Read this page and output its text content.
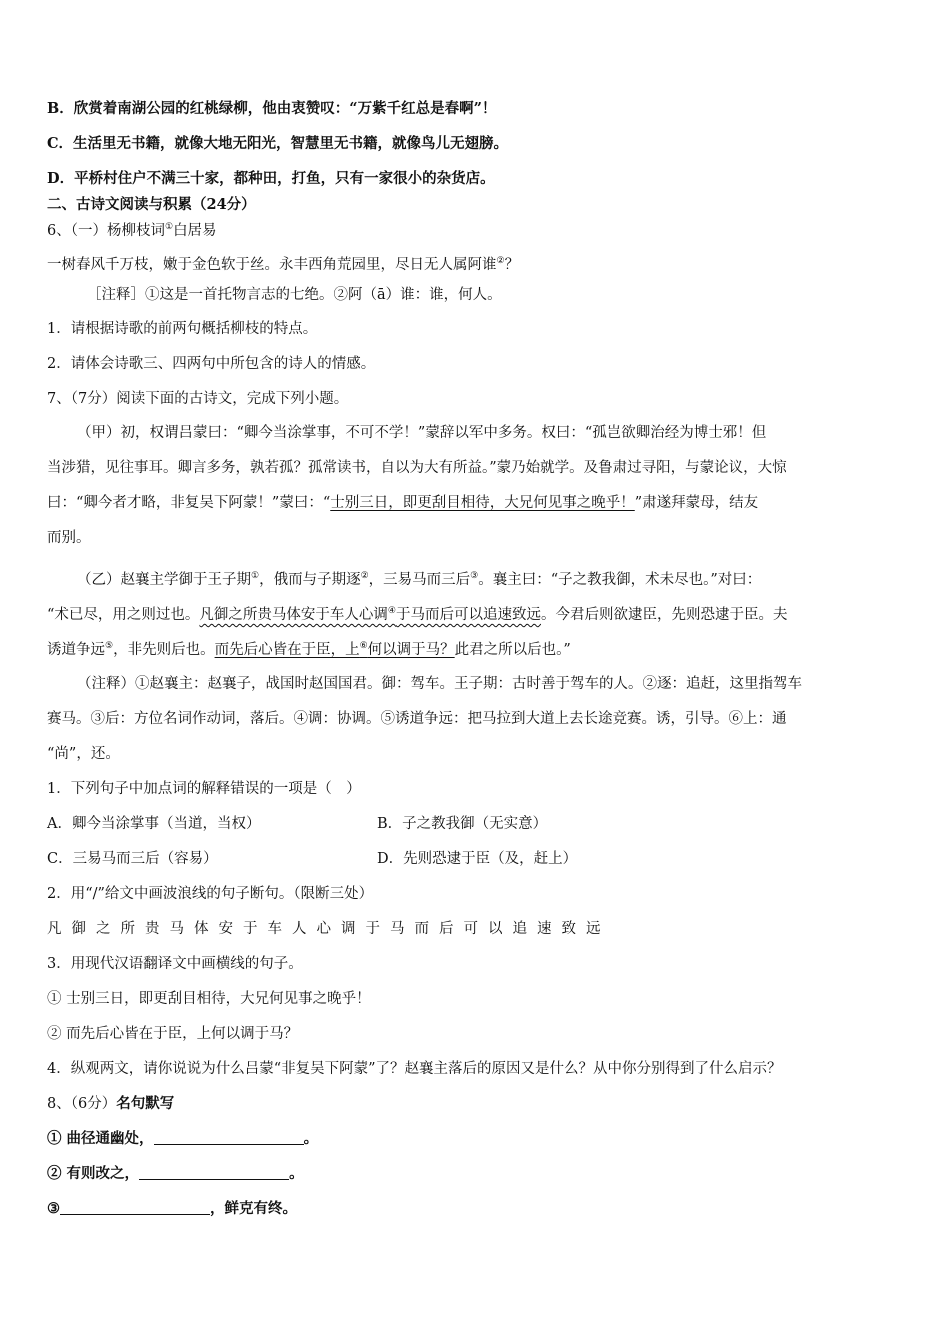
B．欣赏着南湖公园的红桃绿柳，他由衷赞叹：“万紫千红总是春啊”！

C．生活里无书籍，就像大地无阳光，智慧里无书籍，就像鸟儿无翅膀。

D．平桥村住户不满三十家，都种田，打鱼，只有一家很小的杂货店。

二、古诗文阅读与积累（24分）

6、（一）杨柳枝词①白居易

一树春风千万枝，嫩于金色软于丝。永丰西角荒园里，尽日无人属阿谁②？

［注释］①这是一首托物言志的七绝。②阿（ā）谁：谁，何人。

1．请根据诗歌的前两句概括柳枝的特点。

2．请体会诗歌三、四两句中所包含的诗人的情感。

7、（7分）阅读下面的古诗文，完成下列小题。

（甲）初，权谓吕蒙曰：“卿今当涂掌事，不可不学！”蒙辞以军中多务。权曰：“孤岂欲卿治经为博士邪！但

当涉猎，见往事耳。卿言多务，孰若孤？孤常读书，自以为大有所益。”蒙乃始就学。及鲁肃过寻阳，与蒙论议，大惊

曰：“卿今者才略，非复吴下阿蒙！”蒙曰：“士别三日，即更刮目相待，大兄何见事之晚乎！”肃遂拜蒙母，结友

而别。

（乙）赵襄主学御于王子期①，俄而与子期逐②，三易马而三后③。襄主曰：“子之教我御，术未尽也。”对曰：

“术已尽，用之则过也。凡御之所贵马体安于车人心调④于马而后可以追速致远。今君后则欲逮臣，先则恐逮于臣。夫

诱道争远⑤，非先则后也。而先后心皆在于臣，上⑥何以调于马？此君之所以后也。”

（注释）①赵襄主：赵襄子，战国时赵国国君。御：驾车。王子期：古时善于驾车的人。②逐：追赶，这里指驾车

赛马。③后：方位名词作动词，落后。④调：协调。⑤诱道争远：把马拉到大道上去长途竞赛。诱，引导。⑥上：通

“尚”，还。

1．下列句子中加点词的解释错误的一项是（　）

A．卿今当涂掌事（当道，当权）	B．子之教我御（无实意）

C．三易马而三后（容易）	D．先则恐逮于臣（及，赶上）

2．用“/”给文中画波浪线的句子断句。（限断三处）

凡御之所贵马体安于车人心调于马而后可以追速致远

3．用现代汉语翻译文中画横线的句子。

① 士别三日，即更刮目相待，大兄何见事之晚乎！

② 而先后心皆在于臣，上何以调于马？

4．纵观两文，请你说说为什么吕蒙“非复吴下阿蒙”了？赵襄主落后的原因又是什么？从中你分别得到了什么启示？

8、（6分）名句默写

① 曲径通幽处，	。

② 有则改之，	。

③	，鲜克有终。
